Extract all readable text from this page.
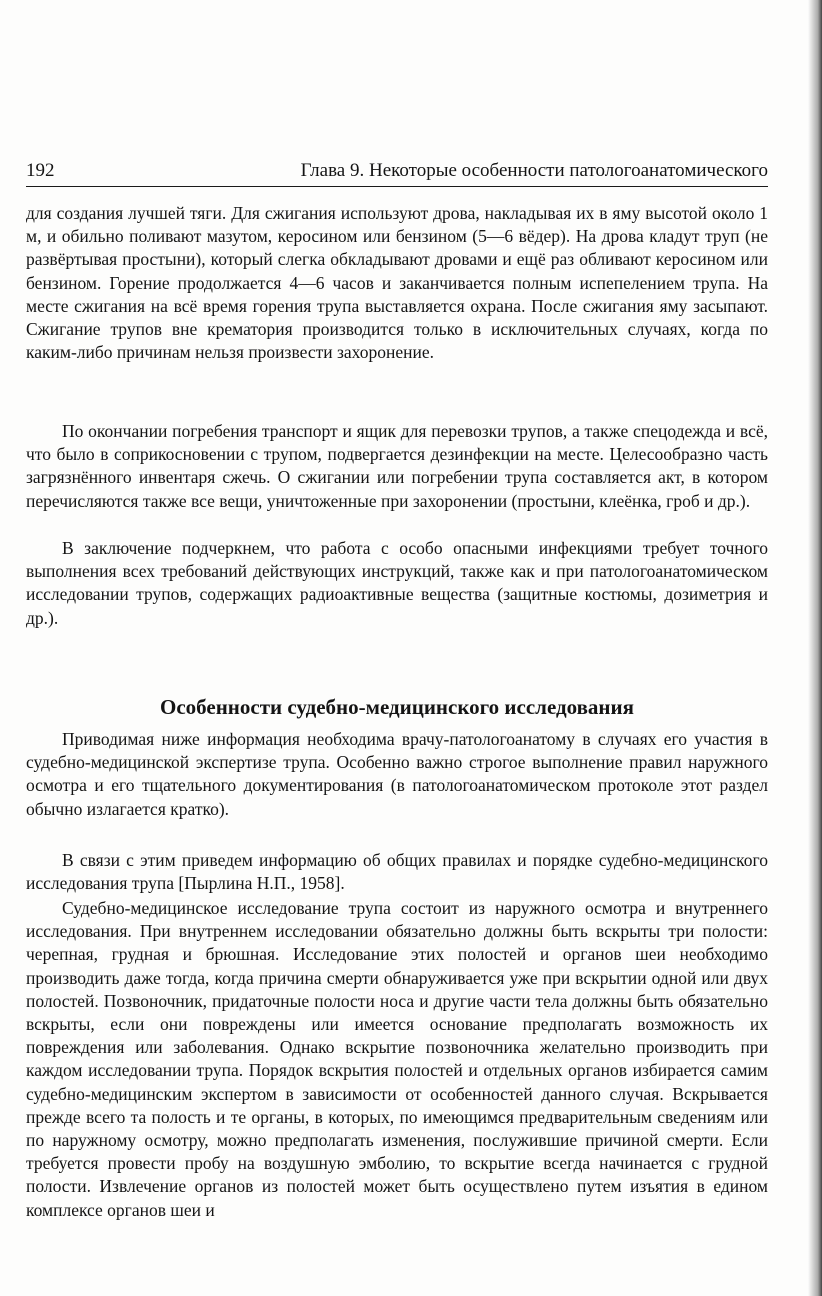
192	Глава 9. Некоторые особенности патологоанатомического

для создания лучшей тяги. Для сжигания используют дрова, накладывая их в яму высотой около 1 м, и обильно поливают мазутом, керосином или бензином (5—6 вёдер). На дрова кладут труп (не развёртывая простыни), который слегка обкладывают дровами и ещё раз обливают керосином или бензином. Горение продолжается 4—6 часов и заканчивается полным испепелением трупа. На месте сжигания на всё время горения трупа выставляется охрана. После сжигания яму засыпают. Сжигание трупов вне крематория производится только в исключительных случаях, когда по каким-либо причинам нельзя произвести захоронение.

По окончании погребения транспорт и ящик для перевозки трупов, а также спецодежда и всё, что было в соприкосновении с трупом, подвергается дезинфекции на месте. Целесообразно часть загрязнённого инвентаря сжечь. О сжигании или погребении трупа составляется акт, в котором перечисляются также все вещи, уничтоженные при захоронении (простыни, клеёнка, гроб и др.).

В заключение подчеркнем, что работа с особо опасными инфекциями требует точного выполнения всех требований действующих инструкций, также как и при патологоанатомическом исследовании трупов, содержащих радиоактивные вещества (защитные костюмы, дозиметрия и др.).

Особенности судебно-медицинского исследования

Приводимая ниже информация необходима врачу-патологоанатому в случаях его участия в судебно-медицинской экспертизе трупа. Особенно важно строгое выполнение правил наружного осмотра и его тщательного документирования (в патологоанатомическом протоколе этот раздел обычно излагается кратко).

В связи с этим приведем информацию об общих правилах и порядке судебно-медицинского исследования трупа [Пырлина Н.П., 1958].

Судебно-медицинское исследование трупа состоит из наружного осмотра и внутреннего исследования. При внутреннем исследовании обязательно должны быть вскрыты три полости: черепная, грудная и брюшная. Исследование этих полостей и органов шеи необходимо производить даже тогда, когда причина смерти обнаруживается уже при вскрытии одной или двух полостей. Позвоночник, придаточные полости носа и другие части тела должны быть обязательно вскрыты, если они повреждены или имеется основание предполагать возможность их повреждения или заболевания. Однако вскрытие позвоночника желательно производить при каждом исследовании трупа. Порядок вскрытия полостей и отдельных органов избирается самим судебно-медицинским экспертом в зависимости от особенностей данного случая. Вскрывается прежде всего та полость и те органы, в которых, по имеющимся предварительным сведениям или по наружному осмотру, можно предполагать изменения, послужившие причиной смерти. Если требуется провести пробу на воздушную эмболию, то вскрытие всегда начинается с грудной полости. Извлечение органов из полостей может быть осуществлено путем изъятия в едином комплексе органов шеи и
